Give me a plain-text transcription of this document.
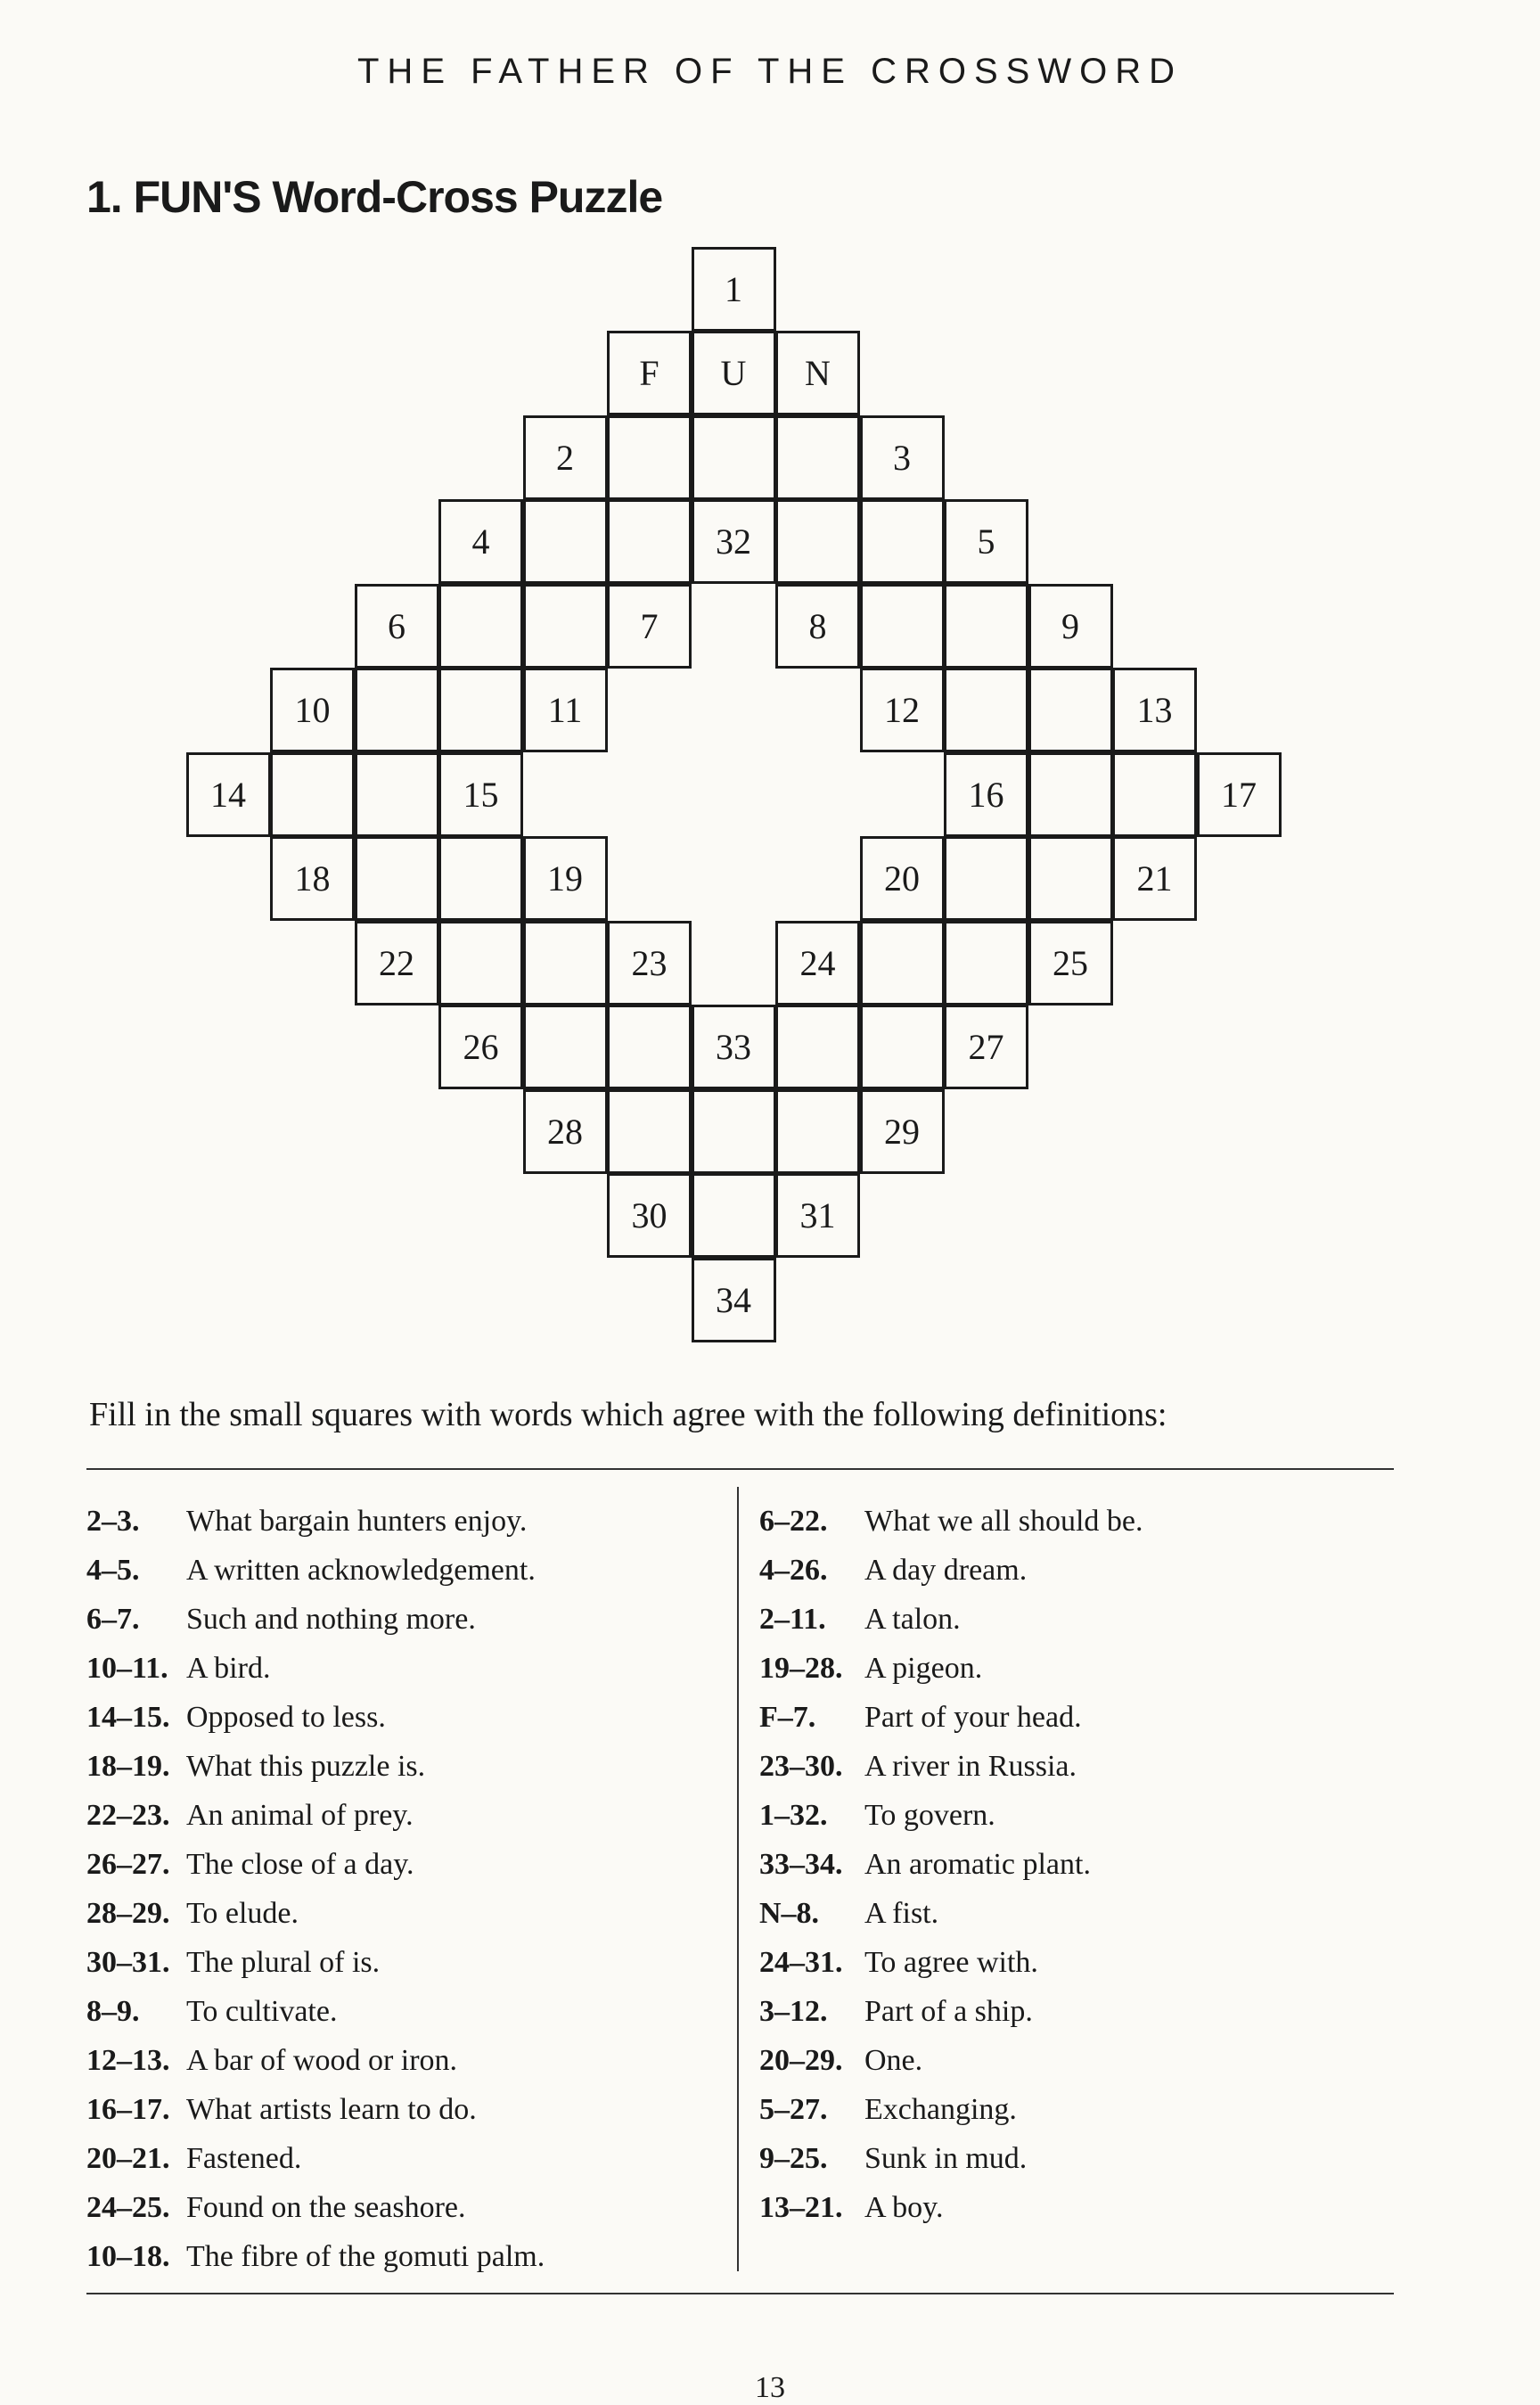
THE FATHER OF THE CROSSWORD
1. FUN'S Word-Cross Puzzle
1
F	U	N
2	3
4	32	5
6	7	8	9
10	11	12	13
14	15	16	17
18	19	20	21
22	23	24	25
26	33	27
28	29
30	31
34
Fill in the small squares with words which agree with the following definitions:
2–3. What bargain hunters enjoy.
4–5. A written acknowledgement.
6–7. Such and nothing more.
10–11. A bird.
14–15. Opposed to less.
18–19. What this puzzle is.
22–23. An animal of prey.
26–27. The close of a day.
28–29. To elude.
30–31. The plural of is.
8–9. To cultivate.
12–13. A bar of wood or iron.
16–17. What artists learn to do.
20–21. Fastened.
24–25. Found on the seashore.
10–18. The fibre of the gomuti palm.
6–22. What we all should be.
4–26. A day dream.
2–11. A talon.
19–28. A pigeon.
F–7. Part of your head.
23–30. A river in Russia.
1–32. To govern.
33–34. An aromatic plant.
N–8. A fist.
24–31. To agree with.
3–12. Part of a ship.
20–29. One.
5–27. Exchanging.
9–25. Sunk in mud.
13–21. A boy.
13
